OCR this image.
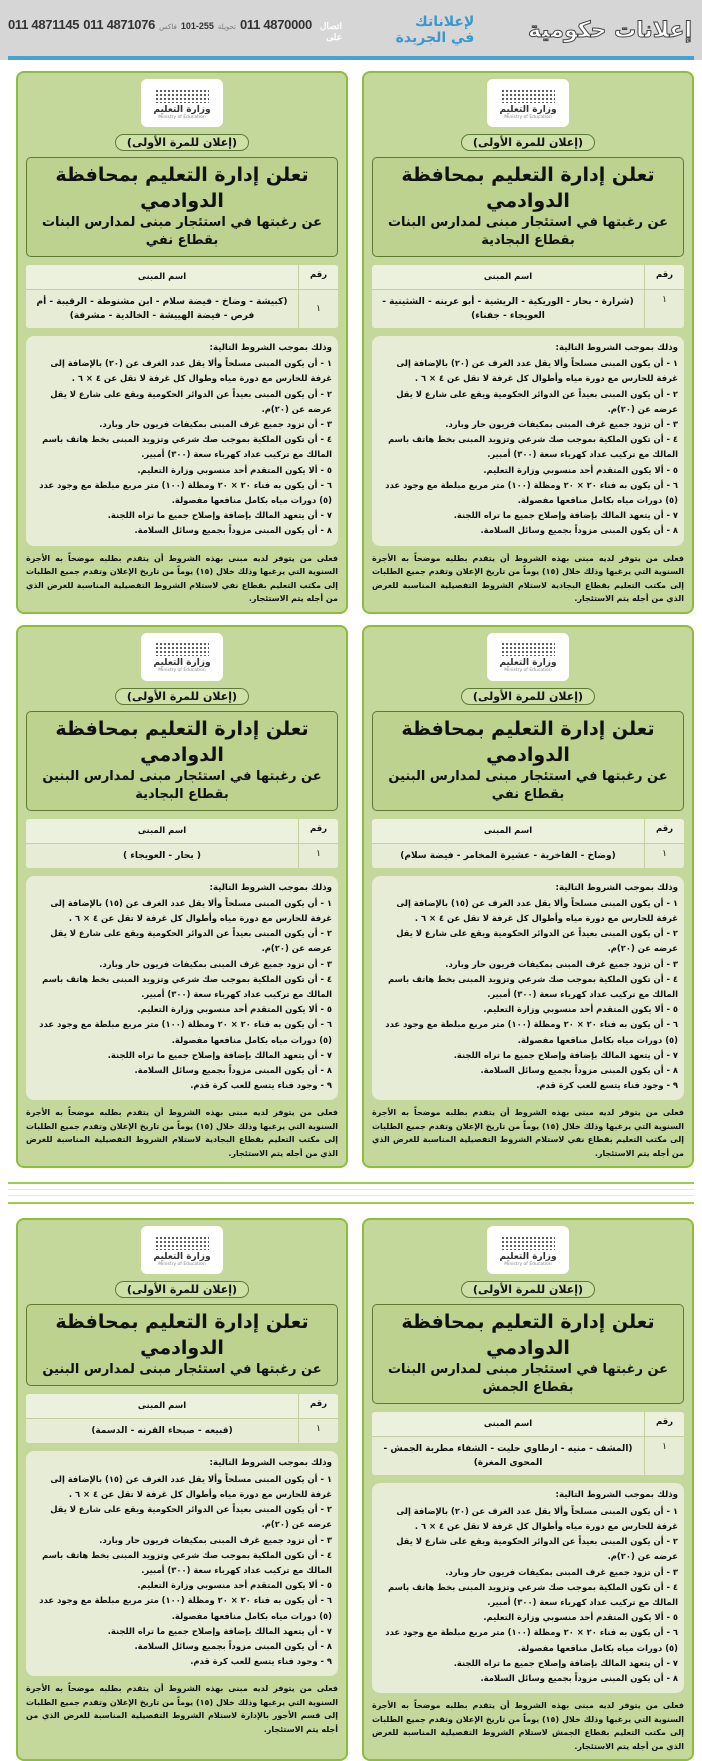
011 4871145 011 4871076 فاكس 101-255 تحويلة 011 4870000 اتصال
على
لإعلاناتك
في الجريدة إعلانات حكومية
وزارة التعليم
Ministry of Education
(إعلان للمرة الأولى)
تعلن إدارة التعليم بمحافظة الدوادمي
عن رغبتها في استئجار مبنى لمدارس البنات بقطاع البجادية
رقم
اسم المبنى
١
(شرارة - بحار - الوريكية - الريشية - أبو عرينه - الشثينية - العويجاء - جفناء)
وذلك بموجب الشروط التالية:
١ - أن يكون المبنى مسلحاً وألا يقل عدد الغرف عن (٢٠) بالإضافة إلى غرفة للحارس مع دورة مياه وأطوال كل غرفة لا تقل عن ٤ × ٦ .
٢ - أن يكون المبنى بعيداً عن الدوائر الحكومية ويقع على شارع لا يقل عرضه عن (٢٠)م.
٣ - أن تزود جميع غرف المبنى بمكيفات فريون حار وبارد.
٤ - أن تكون الملكية بموجب صك شرعي وتزويد المبنى بخط هاتف باسم المالك مع تركيب عداد كهرباء سعة (٣٠٠) أمبير.
٥ - ألا يكون المتقدم أحد منسوبي وزارة التعليم.
٦ - أن يكون به فناء ٢٠ × ٢٠ ومظلة (١٠٠) متر مربع مبلطة مع وجود عدد (٥) دورات مياه بكامل منافعها مفصولة.
٧ - أن يتعهد المالك بإضافة وإصلاح جميع ما تراه اللجنة.
٨ - أن يكون المبنى مزوداً بجميع وسائل السلامة.
فعلى من يتوفر لديه مبنى بهذه الشروط أن يتقدم بطلبه موضحاً به الأجرة السنوية التي يرغبها وذلك خلال (١٥) يوماً من تاريخ الإعلان وتقدم جميع الطلبات إلى مكتب التعليم بقطاع البجادية لاستلام الشروط التفصيلية المناسبة للغرض الذي من أجله يتم الاستئجار.
وزارة التعليم
Ministry of Education
(إعلان للمرة الأولى)
تعلن إدارة التعليم بمحافظة الدوادمي
عن رغبتها في استئجار مبنى لمدارس البنات بقطاع نفي
رقم
اسم المبنى
١
(كبيشة - وضاخ - فيضة سلام - ابن مشنوطة - الرقيبة - أم فرص - فيضة الهييشة - الخالدية - مشرفة)
وذلك بموجب الشروط التالية:
١ - أن يكون المبنى مسلحاً وألا يقل عدد الغرف عن (٢٠) بالإضافة إلى غرفة للحارس مع دورة مياه وطوال كل غرفة لا تقل عن ٤ × ٦ .
٢ - أن يكون المبنى بعيداً عن الدوائر الحكومية ويقع على شارع لا يقل عرضه عن (٢٠)م.
٣ - أن تزود جميع غرف المبنى بمكيفات فريون حار وبارد.
٤ - أن تكون الملكية بموجب صك شرعي وتزويد المبنى بخط هاتف باسم المالك مع تركيب عداد كهرباء سعة (٣٠٠) أمبير.
٥ - ألا يكون المتقدم أحد منسوبي وزارة التعليم.
٦ - أن يكون به فناء ٢٠ × ٢٠ ومظلة (١٠٠) متر مربع مبلطة مع وجود عدد (٥) دورات مياه بكامل منافعها مفصولة.
٧ - أن يتعهد المالك بإضافة وإصلاح جميع ما تراه اللجنة.
٨ - أن يكون المبنى مزوداً بجميع وسائل السلامة.
فعلى من يتوفر لديه مبنى بهذه الشروط أن يتقدم بطلبه موضحاً به الأجرة السنوية التي يرغبها وذلك خلال (١٥) يوماً من تاريخ الإعلان وتقدم جميع الطلبات إلى مكتب التعليم بقطاع نفي لاستلام الشروط التفصيلية المناسبة للغرض الذي من أجله يتم الاستئجار.
وزارة التعليم
Ministry of Education
(إعلان للمرة الأولى)
تعلن إدارة التعليم بمحافظة الدوادمي
عن رغبتها في استئجار مبنى لمدارس البنين بقطاع نفي
رقم
اسم المبنى
١
(وضاخ - الفاخرية - عشيرة المخامر - فيضة سلام)
وذلك بموجب الشروط التالية:
١ - أن يكون المبنى مسلحاً وألا يقل عدد الغرف عن (١٥) بالإضافة إلى غرفة للحارس مع دورة مياه وأطوال كل غرفة لا تقل عن ٤ × ٦ .
٢ - أن يكون المبنى بعيداً عن الدوائر الحكومية ويقع على شارع لا يقل عرضه عن (٢٠)م.
٣ - أن تزود جميع غرف المبنى بمكيفات فريون حار وبارد.
٤ - أن تكون الملكية بموجب صك شرعي وتزويد المبنى بخط هاتف باسم المالك مع تركيب عداد كهرباء سعة (٣٠٠) أمبير.
٥ - ألا يكون المتقدم أحد منسوبي وزارة التعليم.
٦ - أن يكون به فناء ٢٠ × ٢٠ ومظلة (١٠٠) متر مربع مبلطة مع وجود عدد (٥) دورات مياه بكامل منافعها مفصولة.
٧ - أن يتعهد المالك بإضافة وإصلاح جميع ما تراه اللجنة.
٨ - أن يكون المبنى مزوداً بجميع وسائل السلامة.
٩ - وجود فناء يتسع للعب كرة قدم.
فعلى من يتوفر لديه مبنى بهذه الشروط أن يتقدم بطلبه موضحاً به الأجرة السنوية التي يرغبها وذلك خلال (١٥) يوماً من تاريخ الإعلان وتقدم جميع الطلبات إلى مكتب التعليم بقطاع نفي لاستلام الشروط التفصيلية المناسبة للغرض الذي من أجله يتم الاستئجار.
وزارة التعليم
Ministry of Education
(إعلان للمرة الأولى)
تعلن إدارة التعليم بمحافظة الدوادمي
عن رغبتها في استئجار مبنى لمدارس البنين بقطاع البجادية
رقم
اسم المبنى
١
( بحار - العويجاء )
وذلك بموجب الشروط التالية:
١ - أن يكون المبنى مسلحاً وألا يقل عدد الغرف عن (١٥) بالإضافة إلى غرفة للحارس مع دورة مياه وأطوال كل غرفة لا تقل عن ٤ × ٦ .
٢ - أن يكون المبنى بعيداً عن الدوائر الحكومية ويقع على شارع لا يقل عرضه عن (٢٠)م.
٣ - أن تزود جميع غرف المبنى بمكيفات فريون حار وبارد.
٤ - أن تكون الملكية بموجب صك شرعي وتزويد المبنى بخط هاتف باسم المالك مع تركيب عداد كهرباء سعة (٣٠٠) أمبير.
٥ - ألا يكون المتقدم أحد منسوبي وزارة التعليم.
٦ - أن يكون به فناء ٢٠ × ٢٠ ومظلة (١٠٠) متر مربع مبلطة مع وجود عدد (٥) دورات مياه بكامل منافعها مفصولة.
٧ - أن يتعهد المالك بإضافة وإصلاح جميع ما تراه اللجنة.
٨ - أن يكون المبنى مزوداً بجميع وسائل السلامة.
٩ - وجود فناء يتسع للعب كرة قدم.
فعلى من يتوفر لديه مبنى بهذه الشروط أن يتقدم بطلبه موضحاً به الأجرة السنوية التي يرغبها وذلك خلال (١٥) يوماً من تاريخ الإعلان وتقدم جميع الطلبات إلى مكتب التعليم بقطاع البجادية لاستلام الشروط التفصيلية المناسبة للغرض الذي من أجله يتم الاستئجار.
وزارة التعليم
Ministry of Education
(إعلان للمرة الأولى)
تعلن إدارة التعليم بمحافظة الدوادمي
عن رغبتها في استئجار مبنى لمدارس البنات بقطاع الجمش
رقم
اسم المبنى
١
(المشف - منيه - ارطاوي حليت - الشفاء مطربة الجمش - المحوى المغرة)
وذلك بموجب الشروط التالية:
١ - أن يكون المبنى مسلحاً وألا يقل عدد الغرف عن (٢٠) بالإضافة إلى غرفة للحارس مع دورة مياه وأطوال كل غرفة لا تقل عن ٤ × ٦ .
٢ - أن يكون المبنى بعيداً عن الدوائر الحكومية ويقع على شارع لا يقل عرضه عن (٢٠)م.
٣ - أن تزود جميع غرف المبنى بمكيفات فريون حار وبارد.
٤ - أن تكون الملكية بموجب صك شرعي وتزويد المبنى بخط هاتف باسم المالك مع تركيب عداد كهرباء سعة (٣٠٠) أمبير.
٥ - ألا يكون المتقدم أحد منسوبي وزارة التعليم.
٦ - أن يكون به فناء ٢٠ × ٢٠ ومظلة (١٠٠) متر مربع مبلطة مع وجود عدد (٥) دورات مياه بكامل منافعها مفصولة.
٧ - أن يتعهد المالك بإضافة وإصلاح جميع ما تراه اللجنة.
٨ - أن يكون المبنى مزوداً بجميع وسائل السلامة.
فعلى من يتوفر لديه مبنى بهذه الشروط أن يتقدم بطلبه موضحاً به الأجرة السنوية التي يرغبها وذلك خلال (١٥) يوماً من تاريخ الإعلان وتقدم جميع الطلبات إلى مكتب التعليم بقطاع الجمش لاستلام الشروط التفصيلية المناسبة للغرض الذي من أجله يتم الاستئجار.
وزارة التعليم
Ministry of Education
(إعلان للمرة الأولى)
تعلن إدارة التعليم بمحافظة الدوادمي
عن رغبتها في استئجار مبنى لمدارس البنين
رقم
اسم المبنى
١
(قبيعه - صبحاء القرنه - الدسمة)
وذلك بموجب الشروط التالية:
١ - أن يكون المبنى مسلحاً وألا يقل عدد الغرف عن (١٥) بالإضافة إلى غرفة للحارس مع دورة مياه وأطوال كل غرفة لا تقل عن ٤ × ٦ .
٢ - أن يكون المبنى بعيداً عن الدوائر الحكومية ويقع على شارع لا يقل عرضه عن (٢٠)م.
٣ - أن تزود جميع غرف المبنى بمكيفات فريون حار وبارد.
٤ - أن تكون الملكية بموجب صك شرعي وتزويد المبنى بخط هاتف باسم المالك مع تركيب عداد كهرباء سعة (٣٠٠) أمبير.
٥ - ألا يكون المتقدم أحد منسوبي وزارة التعليم.
٦ - أن يكون به فناء ٢٠ × ٢٠ ومظلة (١٠٠) متر مربع مبلطة مع وجود عدد (٥) دورات مياه بكامل منافعها مفصولة.
٧ - أن يتعهد المالك بإضافة وإصلاح جميع ما تراه اللجنة.
٨ - أن يكون المبنى مزوداً بجميع وسائل السلامة.
٩ - وجود فناء يتسع للعب كرة قدم.
فعلى من يتوفر لديه مبنى بهذه الشروط أن يتقدم بطلبه موضحاً به الأجرة السنوية التي يرغبها وذلك خلال (١٥) يوماً من تاريخ الإعلان وتقدم جميع الطلبات إلى قسم الأجور بالإدارة لاستلام الشروط التفصيلية المناسبة للغرض الذي من أجله يتم الاستئجار.
